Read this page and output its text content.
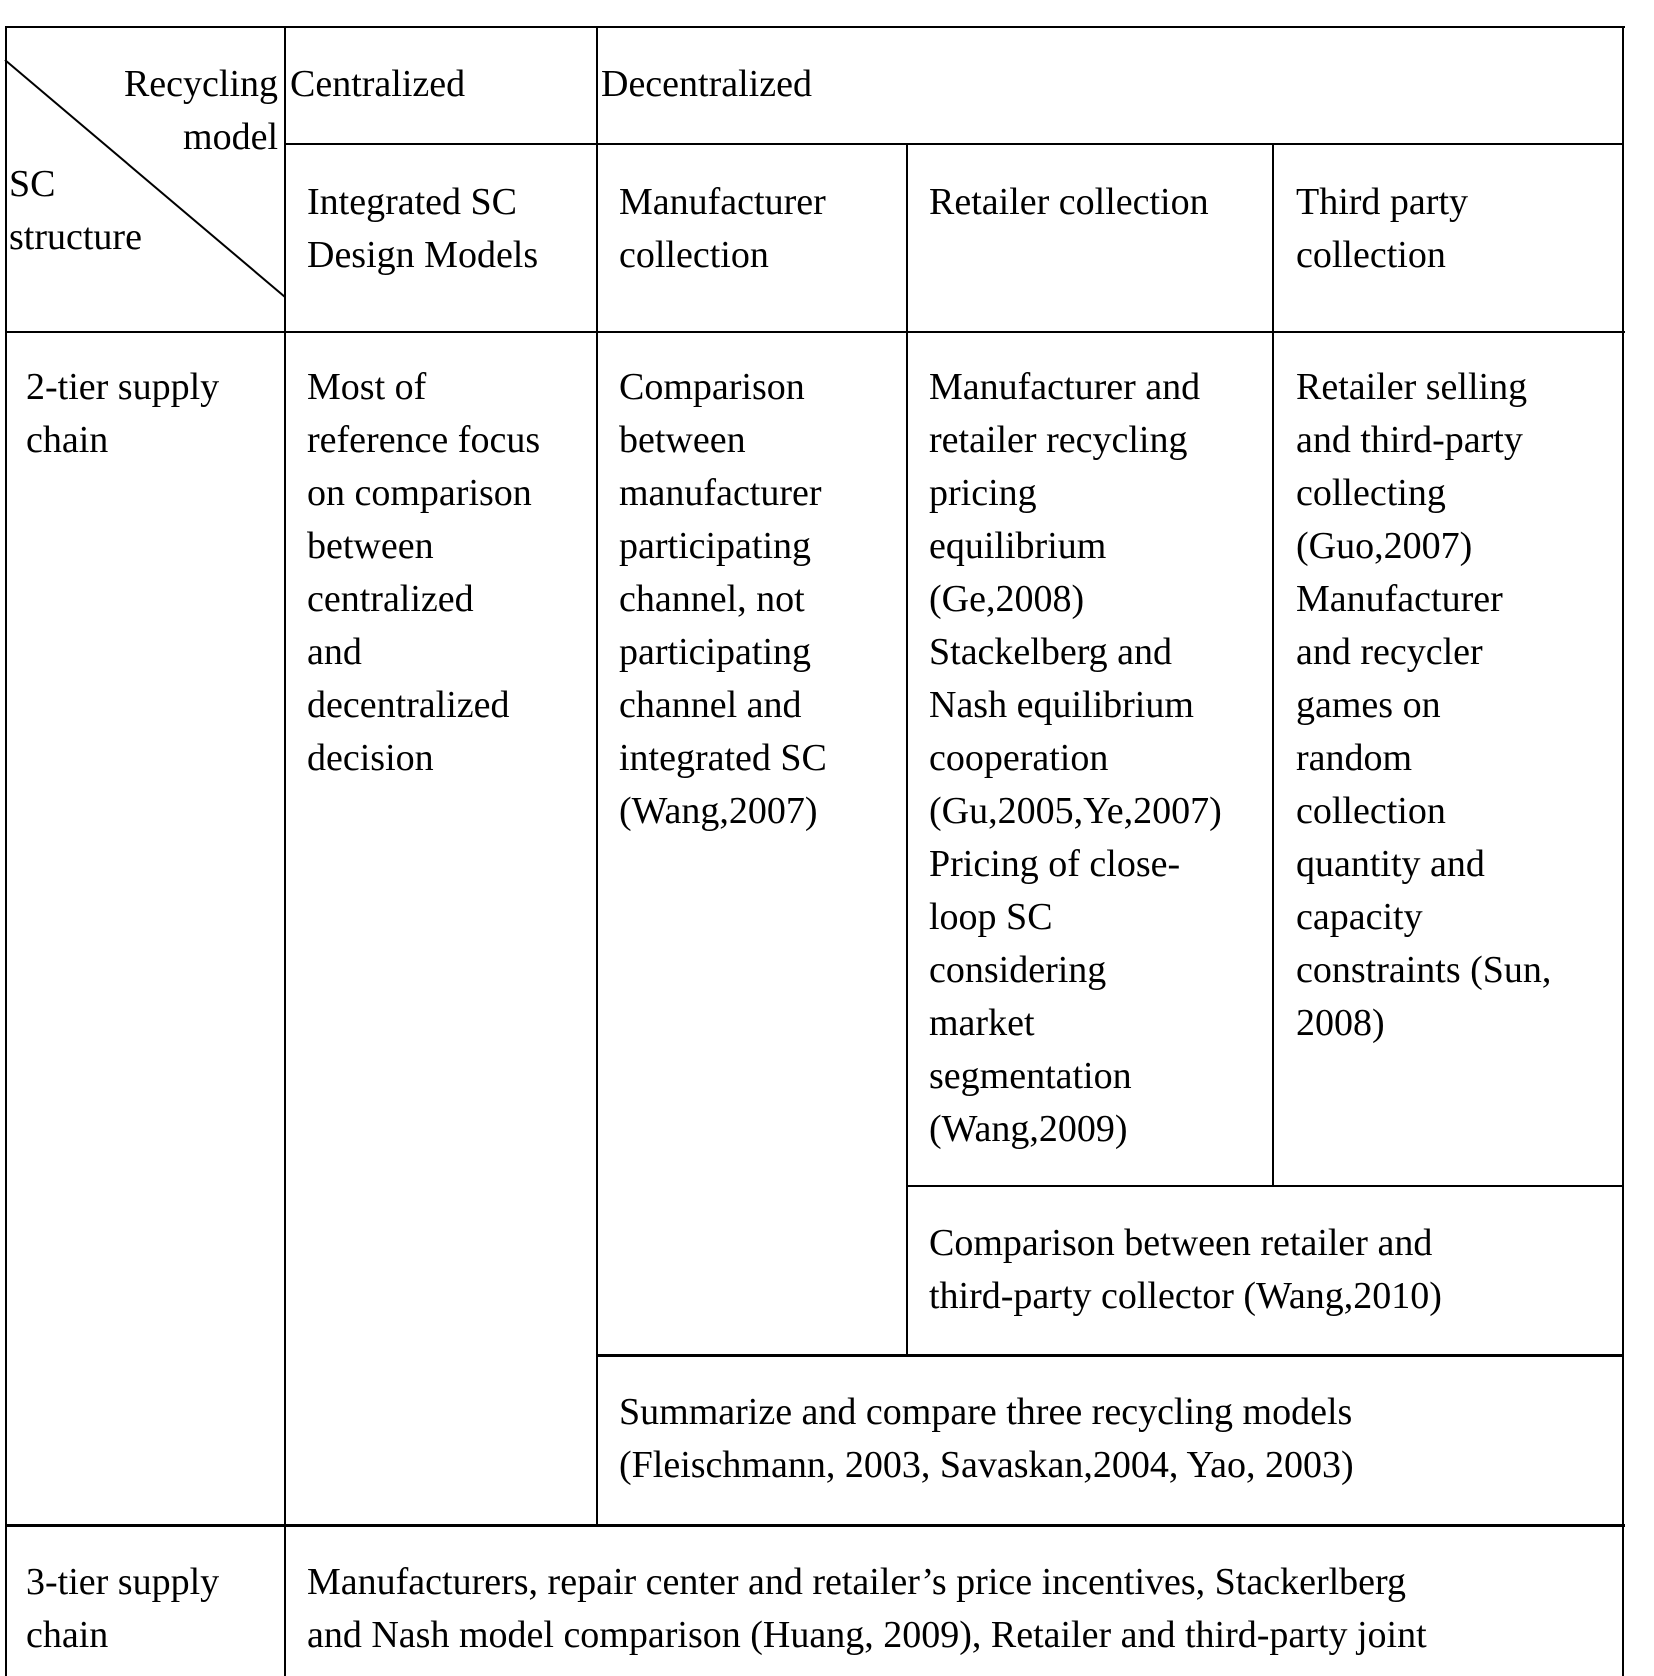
Recycling
model
SC
structure
Centralized	Decentralized
Integrated SC
Design Models
Manufacturer
collection
Retailer collection Third party
collection
2-tier supply
chain
Most of
reference focus
on comparison
between
centralized
and
decentralized
decision
Comparison
between
manufacturer
participating
channel, not
participating
channel and
integrated SC
(Wang,2007)
Manufacturer and
retailer recycling
pricing
equilibrium
(Ge,2008)
Stackelberg and
Nash equilibrium
cooperation
(Gu,2005,Ye,2007)
Pricing of close-
loop SC
considering
market
segmentation
(Wang,2009)
Retailer selling
and third-party
collecting
(Guo,2007)
Manufacturer
and recycler
games on
random
collection
quantity and
capacity
constraints (Sun,
2008)
Comparison between retailer and
third-party collector (Wang,2010)
Summarize and compare three recycling models
(Fleischmann, 2003, Savaskan,2004, Yao, 2003)
3-tier supply
chain
Manufacturers, repair center and retailer’s price incentives, Stackerlberg
and Nash model comparison (Huang, 2009), Retailer and third-party joint
